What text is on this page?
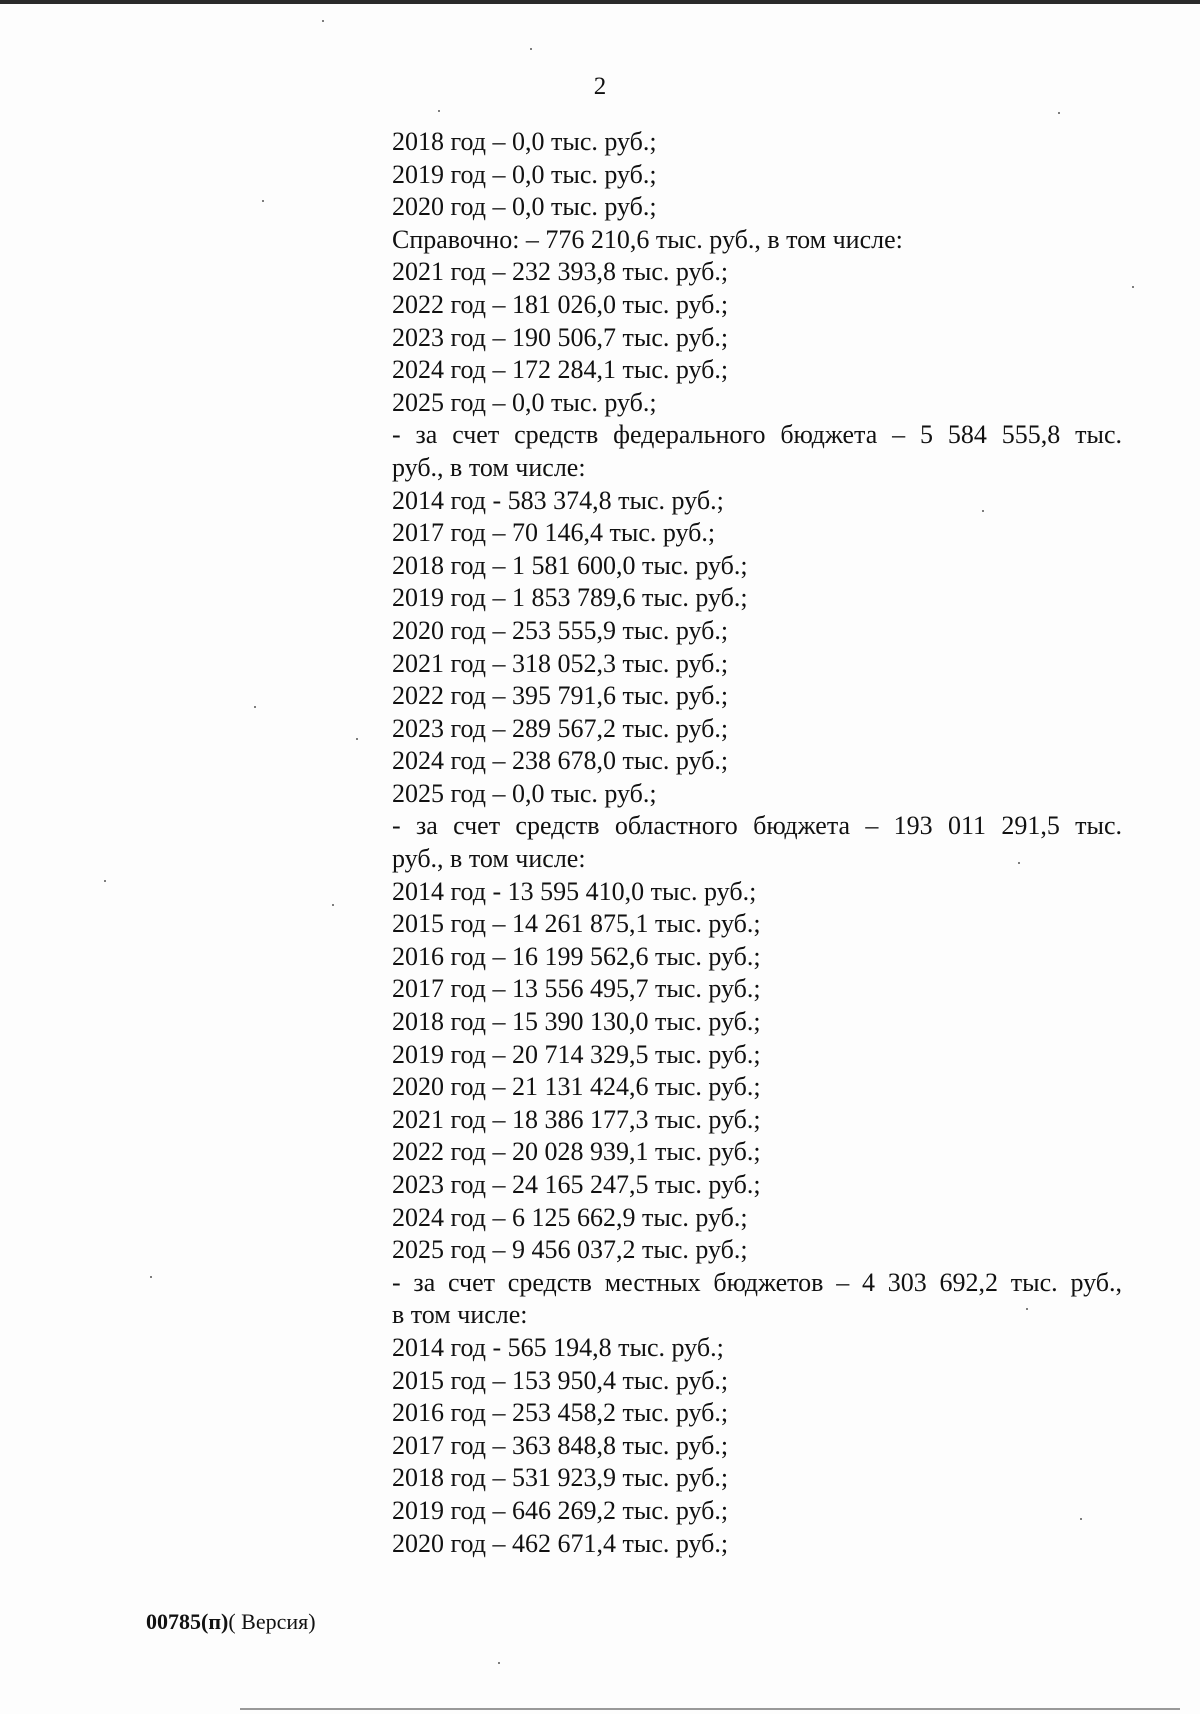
2
2018 год – 0,0 тыс. руб.;
2019 год – 0,0 тыс. руб.;
2020 год – 0,0 тыс. руб.;
Справочно: – 776 210,6 тыс. руб., в том числе:
2021 год – 232 393,8 тыс. руб.;
2022 год – 181 026,0 тыс. руб.;
2023 год – 190 506,7 тыс. руб.;
2024 год – 172 284,1 тыс. руб.;
2025 год – 0,0 тыс. руб.;
- за счет средств федерального бюджета – 5 584 555,8 тыс.
руб., в том числе:
2014 год - 583 374,8 тыс. руб.;
2017 год – 70 146,4 тыс. руб.;
2018 год – 1 581 600,0 тыс. руб.;
2019 год – 1 853 789,6 тыс. руб.;
2020 год – 253 555,9 тыс. руб.;
2021 год – 318 052,3 тыс. руб.;
2022 год – 395 791,6 тыс. руб.;
2023 год – 289 567,2 тыс. руб.;
2024 год – 238 678,0 тыс. руб.;
2025 год – 0,0 тыс. руб.;
- за счет средств областного бюджета – 193 011 291,5 тыс.
руб., в том числе:
2014 год - 13 595 410,0 тыс. руб.;
2015 год – 14 261 875,1 тыс. руб.;
2016 год – 16 199 562,6 тыс. руб.;
2017 год – 13 556 495,7 тыс. руб.;
2018 год – 15 390 130,0 тыс. руб.;
2019 год – 20 714 329,5 тыс. руб.;
2020 год – 21 131 424,6 тыс. руб.;
2021 год – 18 386 177,3 тыс. руб.;
2022 год – 20 028 939,1 тыс. руб.;
2023 год – 24 165 247,5 тыс. руб.;
2024 год – 6 125 662,9 тыс. руб.;
2025 год – 9 456 037,2 тыс. руб.;
- за счет средств местных бюджетов – 4 303 692,2 тыс. руб.,
в том числе:
2014 год - 565 194,8 тыс. руб.;
2015 год – 153 950,4 тыс. руб.;
2016 год – 253 458,2 тыс. руб.;
2017 год – 363 848,8 тыс. руб.;
2018 год – 531 923,9 тыс. руб.;
2019 год – 646 269,2 тыс. руб.;
2020 год – 462 671,4 тыс. руб.;
00785(п)( Версия)
